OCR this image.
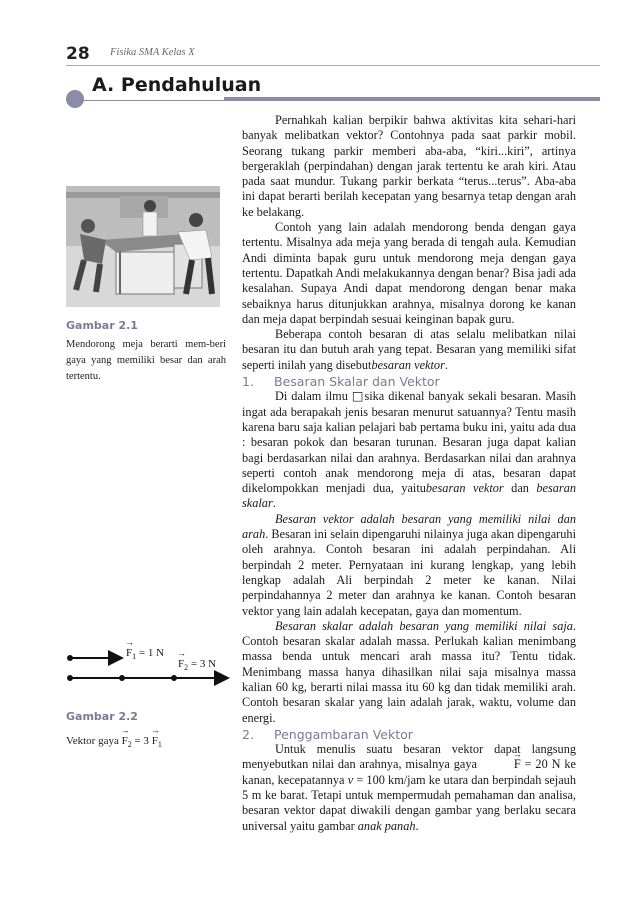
28 Fisika SMA Kelas X
A. Pendahuluan
Gambar 2.1
Mendorong meja berarti mem-beri gaya yang memiliki besar dan arah tertentu.
→ $F_1 = 1$ N
→ $F_2 = 3$ N
Gambar 2.2
Vektor gaya → $F_2 = 3 \to F_1$

Pernahkah kalian berpikir bahwa aktivitas kita sehari-hari banyak melibatkan vektor? Contohnya pada saat parkir mobil. Seorang tukang parkir memberi aba-aba, “kiri...kiri”, artinya bergeraklah (perpindahan) dengan jarak tertentu ke arah kiri. Atau pada saat mundur. Tukang parkir berkata “terus...terus”. Aba-aba ini dapat berarti berilah kecepatan yang besarnya tetap dengan arah ke belakang.

Contoh yang lain adalah mendorong benda dengan gaya tertentu. Misalnya ada meja yang berada di tengah aula. Kemudian Andi diminta bapak guru untuk mendorong meja dengan gaya tertentu. Dapatkah Andi melakukannya dengan benar? Bisa jadi ada kesalahan. Supaya Andi dapat mendorong dengan benar maka sebaiknya harus ditunjukkan arahnya, misalnya dorong ke kanan dan meja dapat berpindah sesuai keinginan bapak guru.

Beberapa contoh besaran di atas selalu melibatkan nilai besaran itu dan butuh arah yang tepat. Besaran yang memiliki sifat seperti inilah yang disebutbesaran vektor.

1. Besaran Skalar dan Vektor

Di dalam ilmu □sika dikenal banyak sekali besaran. Masih ingat ada berapakah jenis besaran menurut satuannya? Tentu masih karena baru saja kalian pelajari bab pertama buku ini, yaitu ada dua : besaran pokok dan besaran turunan. Besaran juga dapat kalian bagi berdasarkan nilai dan arahnya. Berdasarkan nilai dan arahnya seperti contoh anak mendorong meja di atas, besaran dapat dikelompokkan menjadi dua, yaitubesaran vektor dan besaran skalar.

Besaran vektor adalah besaran yang memiliki nilai dan arah. Besaran ini selain dipengaruhi nilainya juga akan dipengaruhi oleh arahnya. Contoh besaran ini adalah perpindahan. Ali berpindah 2 meter. Pernyataan ini kurang lengkap, yang lebih lengkap adalah Ali berpindah 2 meter ke kanan. Nilai perpindahannya 2 meter dan arahnya ke kanan. Contoh besaran vektor yang lain adalah kecepatan, gaya dan momentum.

Besaran skalar adalah besaran yang memiliki nilai saja. Contoh besaran skalar adalah massa. Perlukah kalian menimbang massa benda untuk mencari arah massa itu? Tentu tidak. Menimbang massa hanya dihasilkan nilai saja misalnya massa kalian 60 kg, berarti nilai massa itu 60 kg dan tidak memiliki arah. Contoh besaran skalar yang lain adalah jarak, waktu, volume dan energi.

2. Penggambaran Vektor

Untuk menulis suatu besaran vektor dapat langsung menyebutkan nilai dan arahnya, misalnya gaya →	F = 20 N ke kanan, kecepatannya v = 100 km/jam ke utara dan berpindah sejauh 5 m ke barat. Tetapi untuk mempermudah pemahaman dan analisa, besaran vektor dapat diwakili dengan gambar yang berlaku secara universal yaitu gambar anak panah.
